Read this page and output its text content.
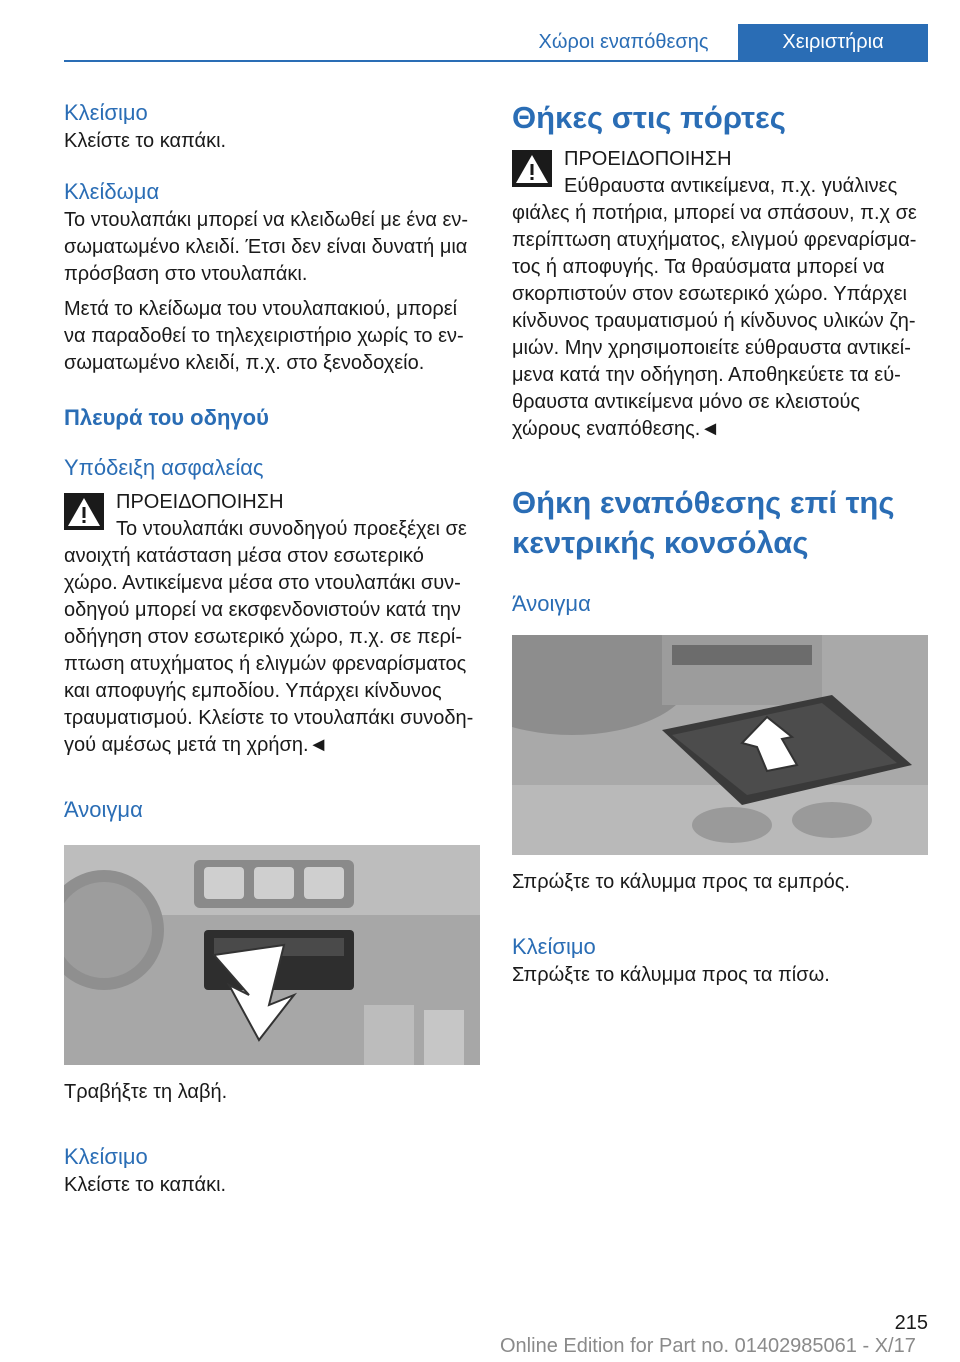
Χώροι εναπόθεσης	Χειριστήρια
Κλείσιμο

Κλείστε το καπάκι.

Κλείδωμα

Το ντουλαπάκι μπορεί να κλειδωθεί με ένα εν- σωματωμένο κλειδί. Έτσι δεν είναι δυνατή μια πρόσβαση στο ντουλαπάκι.

Μετά το κλείδωμα του ντουλαπακιού, μπορεί να παραδοθεί το τηλεχειριστήριο χωρίς το εν- σωματωμένο κλειδί, π.χ. στο ξενοδοχείο.

Πλευρά του οδηγού
Υπόδειξη ασφαλείας

ΠΡΟΕΙΔΟΠΟΙΗΣΗ

Το ντουλαπάκι συνοδηγού προεξέχει σε ανοιχτή κατάσταση μέσα στον εσωτερικό χώρο. Αντικείμενα μέσα στο ντουλαπάκι συν- οδηγού μπορεί να εκσφενδονιστούν κατά την οδήγηση στον εσωτερικό χώρο, π.χ. σε περί- πτωση ατυχήματος ή ελιγμών φρεναρίσματος και αποφυγής εμποδίου. Υπάρχει κίνδυνος τραυματισμού. Κλείστε το ντουλαπάκι συνοδη- γού αμέσως μετά τη χρήση.◄

Άνοιγμα

Τραβήξτε τη λαβή.

Κλείσιμο

Κλείστε το καπάκι.

Θήκες στις πόρτες

ΠΡΟΕΙΔΟΠΟΙΗΣΗ

Εύθραυστα αντικείμενα, π.χ. γυάλινες φιάλες ή ποτήρια, μπορεί να σπάσουν, π.χ σε περίπτωση ατυχήματος, ελιγμού φρεναρίσμα- τος ή αποφυγής. Τα θραύσματα μπορεί να σκορπιστούν στον εσωτερικό χώρο. Υπάρχει κίνδυνος τραυματισμού ή κίνδυνος υλικών ζη- μιών. Μην χρησιμοποιείτε εύθραυστα αντικεί- μενα κατά την οδήγηση. Αποθηκεύετε τα εύ- θραυστα αντικείμενα μόνο σε κλειστούς χώρους εναπόθεσης.◄

Θήκη εναπόθεσης επί της κεντρικής κονσόλας
Άνοιγμα

Σπρώξτε το κάλυμμα προς τα εμπρός.

Κλείσιμο

Σπρώξτε το κάλυμμα προς τα πίσω.

215
Online Edition for Part no. 01402985061 - X/17
